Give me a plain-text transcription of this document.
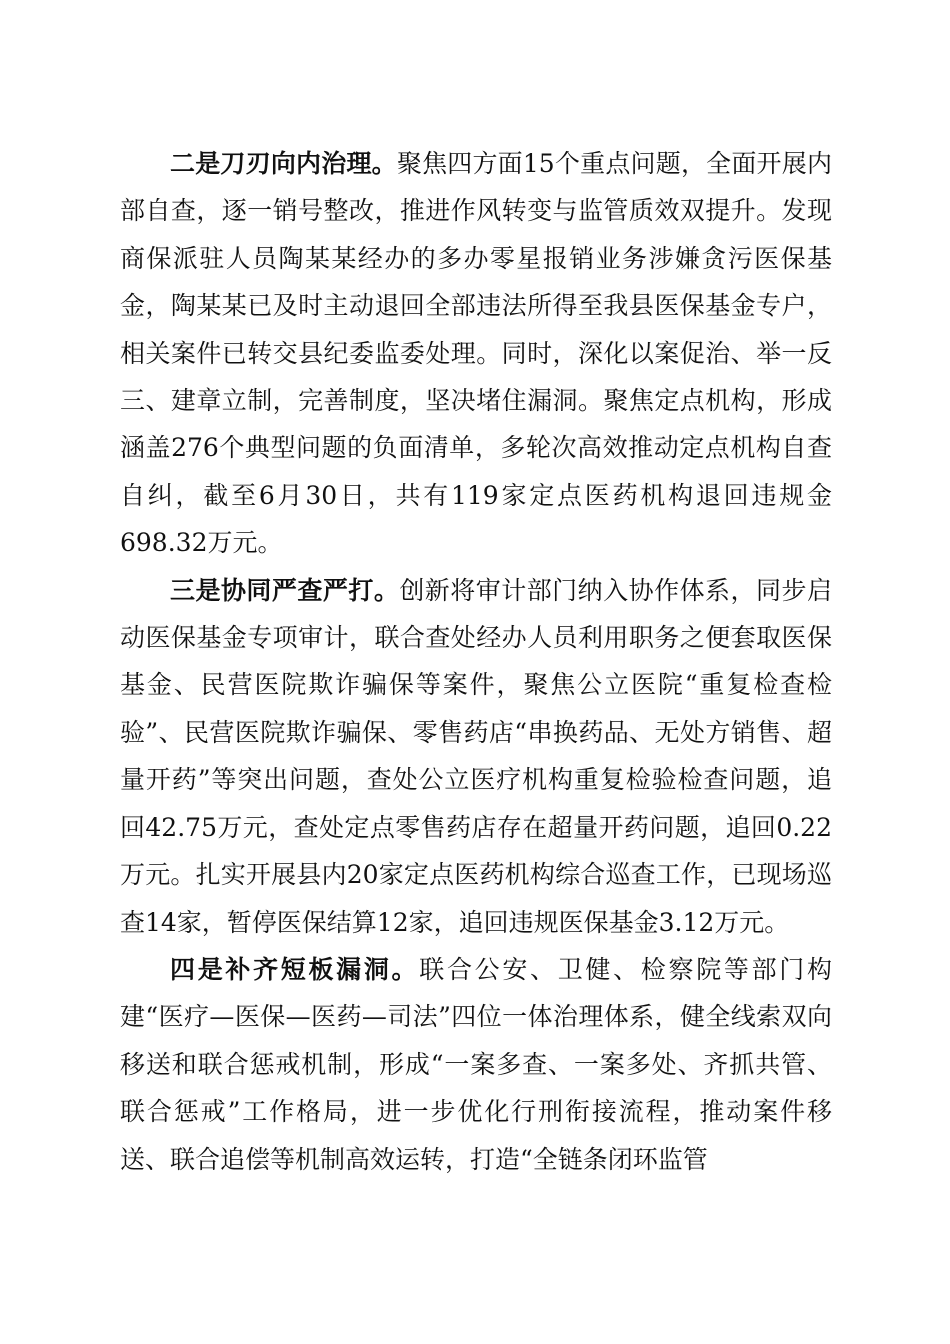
二是刀刃向内治理。聚焦四方面15个重点问题，全面开展内部自查，逐一销号整改，推进作风转变与监管质效双提升。发现商保派驻人员陶某某经办的多办零星报销业务涉嫌贪污医保基金，陶某某已及时主动退回全部违法所得至我县医保基金专户，相关案件已转交县纪委监委处理。同时，深化以案促治、举一反三、建章立制，完善制度，坚决堵住漏洞。聚焦定点机构，形成涵盖276个典型问题的负面清单，多轮次高效推动定点机构自查自纠，截至6月30日，共有119家定点医药机构退回违规金698.32万元。

三是协同严查严打。创新将审计部门纳入协作体系，同步启动医保基金专项审计，联合查处经办人员利用职务之便套取医保基金、民营医院欺诈骗保等案件，聚焦公立医院“重复检查检验”、民营医院欺诈骗保、零售药店“串换药品、无处方销售、超量开药”等突出问题，查处公立医疗机构重复检验检查问题，追回42.75万元，查处定点零售药店存在超量开药问题，追回0.22万元。扎实开展县内20家定点医药机构综合巡查工作，已现场巡查14家，暂停医保结算12家，追回违规医保基金3.12万元。

四是补齐短板漏洞。联合公安、卫健、检察院等部门构建“医疗—医保—医药—司法”四位一体治理体系，健全线索双向移送和联合惩戒机制，形成“一案多查、一案多处、齐抓共管、联合惩戒”工作格局，进一步优化行刑衔接流程，推动案件移送、联合追偿等机制高效运转，打造“全链条闭环监管
